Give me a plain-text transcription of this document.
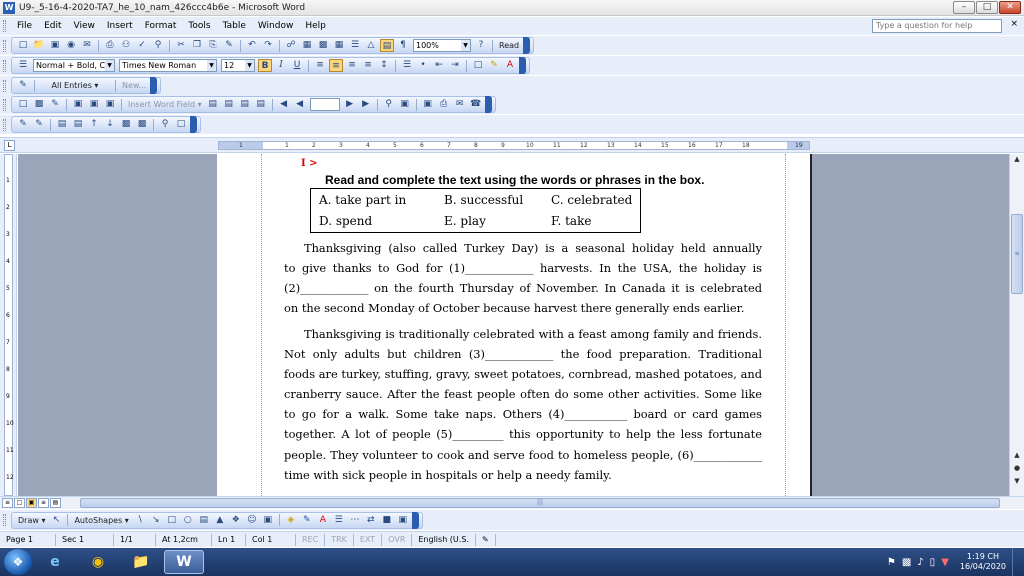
W U9-_5-16-4-2020-TA7_he_10_nam_426ccc4b6e - Microsoft Word	–	□	✕
File	Edit	View	Insert	Format	Tools	Table	Window	Help	Type a question for help	×
□ 📁 ▣ ◉ ✉	⎙ ⚇ ✓ ⚲	✂ ❐ ⎘ ✎	↶ ↷	☍ ▦ ▩ ▦ ☰ △ ▤ ¶	100%	▼	?	Read
☰	Normal + Bold, C ▼	Times New Roman	▼	12	▼	B	I	U	≡ ≡ ≡ ≡ ↕	☰	•	⇤ ⇥	□ ✎	A
✎	All Entries ▾	New...
□ ▩ ✎	▣ ▣ ▣	Insert Word Field ▾ ▤ ▤ ▤ ▤	◀	◀	▶	▶	⚲ ▣	▣ ⎙ ✉ ☎
✎ ✎	▤ ▤ ↑ ↓ ▩ ▩	⚲ □
L	1	1	2	3	4	5	6	7	8	9	10	11	12	13	14	15	16	17	18	19
1
2
3
4
5
6
7
8
9
10
11
12
I >
Read and complete the text using the words or phrases in the box.
A. take part in	B. successful C. celebrated
D. spend	E. play	F. take
Thanksgiving (also called Turkey Day) is a seasonal holiday held annually
to give thanks to God for (1)____________ harvests. In the USA, the holiday is
(2)____________ on the fourth Thursday of November. In Canada it is celebrated
on the second Monday of October because harvest there generally ends earlier.
Thanksgiving is traditionally celebrated with a feast among family and friends.
Not only adults but children (3)____________ the food preparation. Traditional
foods are turkey, stuffing, gravy, sweet potatoes, cornbread, mashed potatoes, and
cranberry sauce. After the feast people often do some other activities. Some like
to go for a walk. Some take naps. Others (4)___________ board or card games
together. A lot of people (5)_________ this opportunity to help the less fortunate
people. They volunteer to cook and serve food to homeless people, (6)____________
time with sick people in hospitals or help a needy family.
▲
≡
▲
●
▼
≡	□	▣	≡	▤	|||
Draw ▾ ↖	AutoShapes ▾ ∖	↘ □ ○ ▤ ▲ ❖ ☺ ▣	◈ ✎	A ☰ ⋯ ⇄ ■ ▣
Page 1	Sec 1	1/1	At 1,2cm	Ln 1	Col 1	REC	TRK	EXT	OVR	English (U.S.	✎
❖	e	◉	📁	W	⚑ ▩ ♪ ▯ ▼	1:19 CH
16/04/2020
